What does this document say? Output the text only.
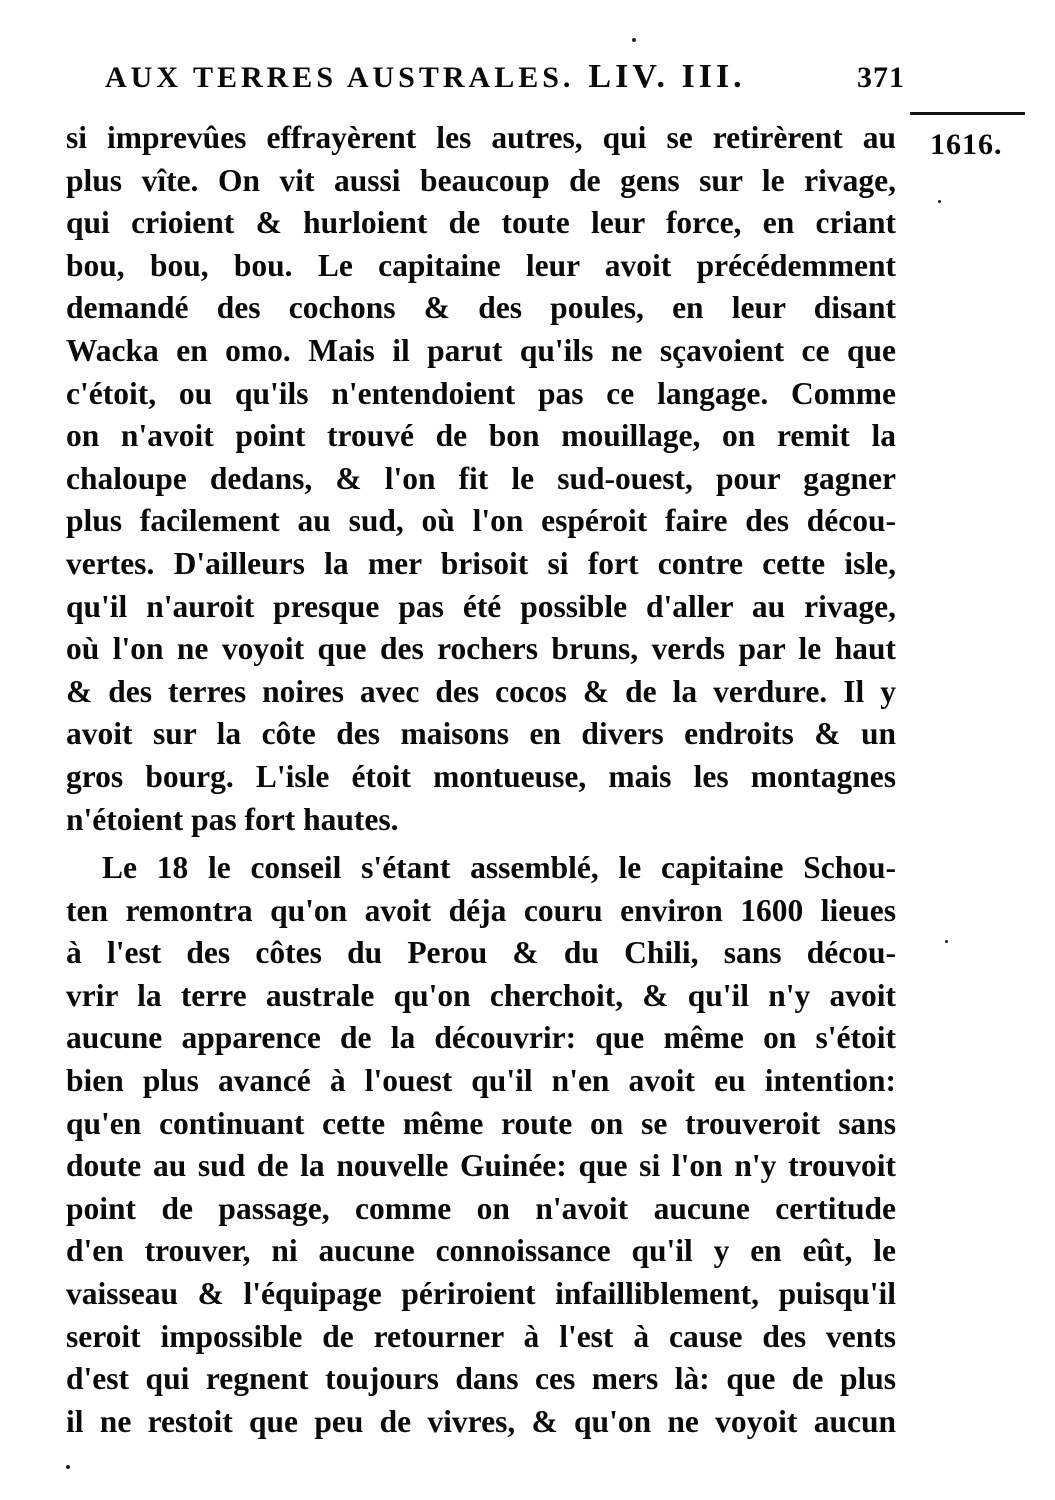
AUX TERRES AUSTRALES. LIV. III.	371
1616.
si imprevûes effrayèrent les autres, qui se retirèrent au
plus vîte. On vit aussi beaucoup de gens sur le rivage,
qui crioient & hurloient de toute leur force, en criant
bou, bou, bou. Le capitaine leur avoit précédemment
demandé des cochons & des poules, en leur disant
Wacka en omo. Mais il parut qu'ils ne sçavoient ce que
c'étoit, ou qu'ils n'entendoient pas ce langage. Comme
on n'avoit point trouvé de bon mouillage, on remit la
chaloupe dedans, & l'on fit le sud-ouest, pour gagner
plus facilement au sud, où l'on espéroit faire des décou-
vertes. D'ailleurs la mer brisoit si fort contre cette isle,
qu'il n'auroit presque pas été possible d'aller au rivage,
où l'on ne voyoit que des rochers bruns, verds par le haut
& des terres noires avec des cocos & de la verdure. Il y
avoit sur la côte des maisons en divers endroits & un
gros bourg. L'isle étoit montueuse, mais les montagnes
n'étoient pas fort hautes.
Le 18 le conseil s'étant assemblé, le capitaine Schou-
ten remontra qu'on avoit déja couru environ 1600 lieues
à l'est des côtes du Perou & du Chili, sans décou-
vrir la terre australe qu'on cherchoit, & qu'il n'y avoit
aucune apparence de la découvrir: que même on s'étoit
bien plus avancé à l'ouest qu'il n'en avoit eu intention:
qu'en continuant cette même route on se trouveroit sans
doute au sud de la nouvelle Guinée: que si l'on n'y trouvoit
point de passage, comme on n'avoit aucune certitude
d'en trouver, ni aucune connoissance qu'il y en eût, le
vaisseau & l'équipage périroient infailliblement, puisqu'il
seroit impossible de retourner à l'est à cause des vents
d'est qui regnent toujours dans ces mers là: que de plus
il ne restoit que peu de vivres, & qu'on ne voyoit aucun
